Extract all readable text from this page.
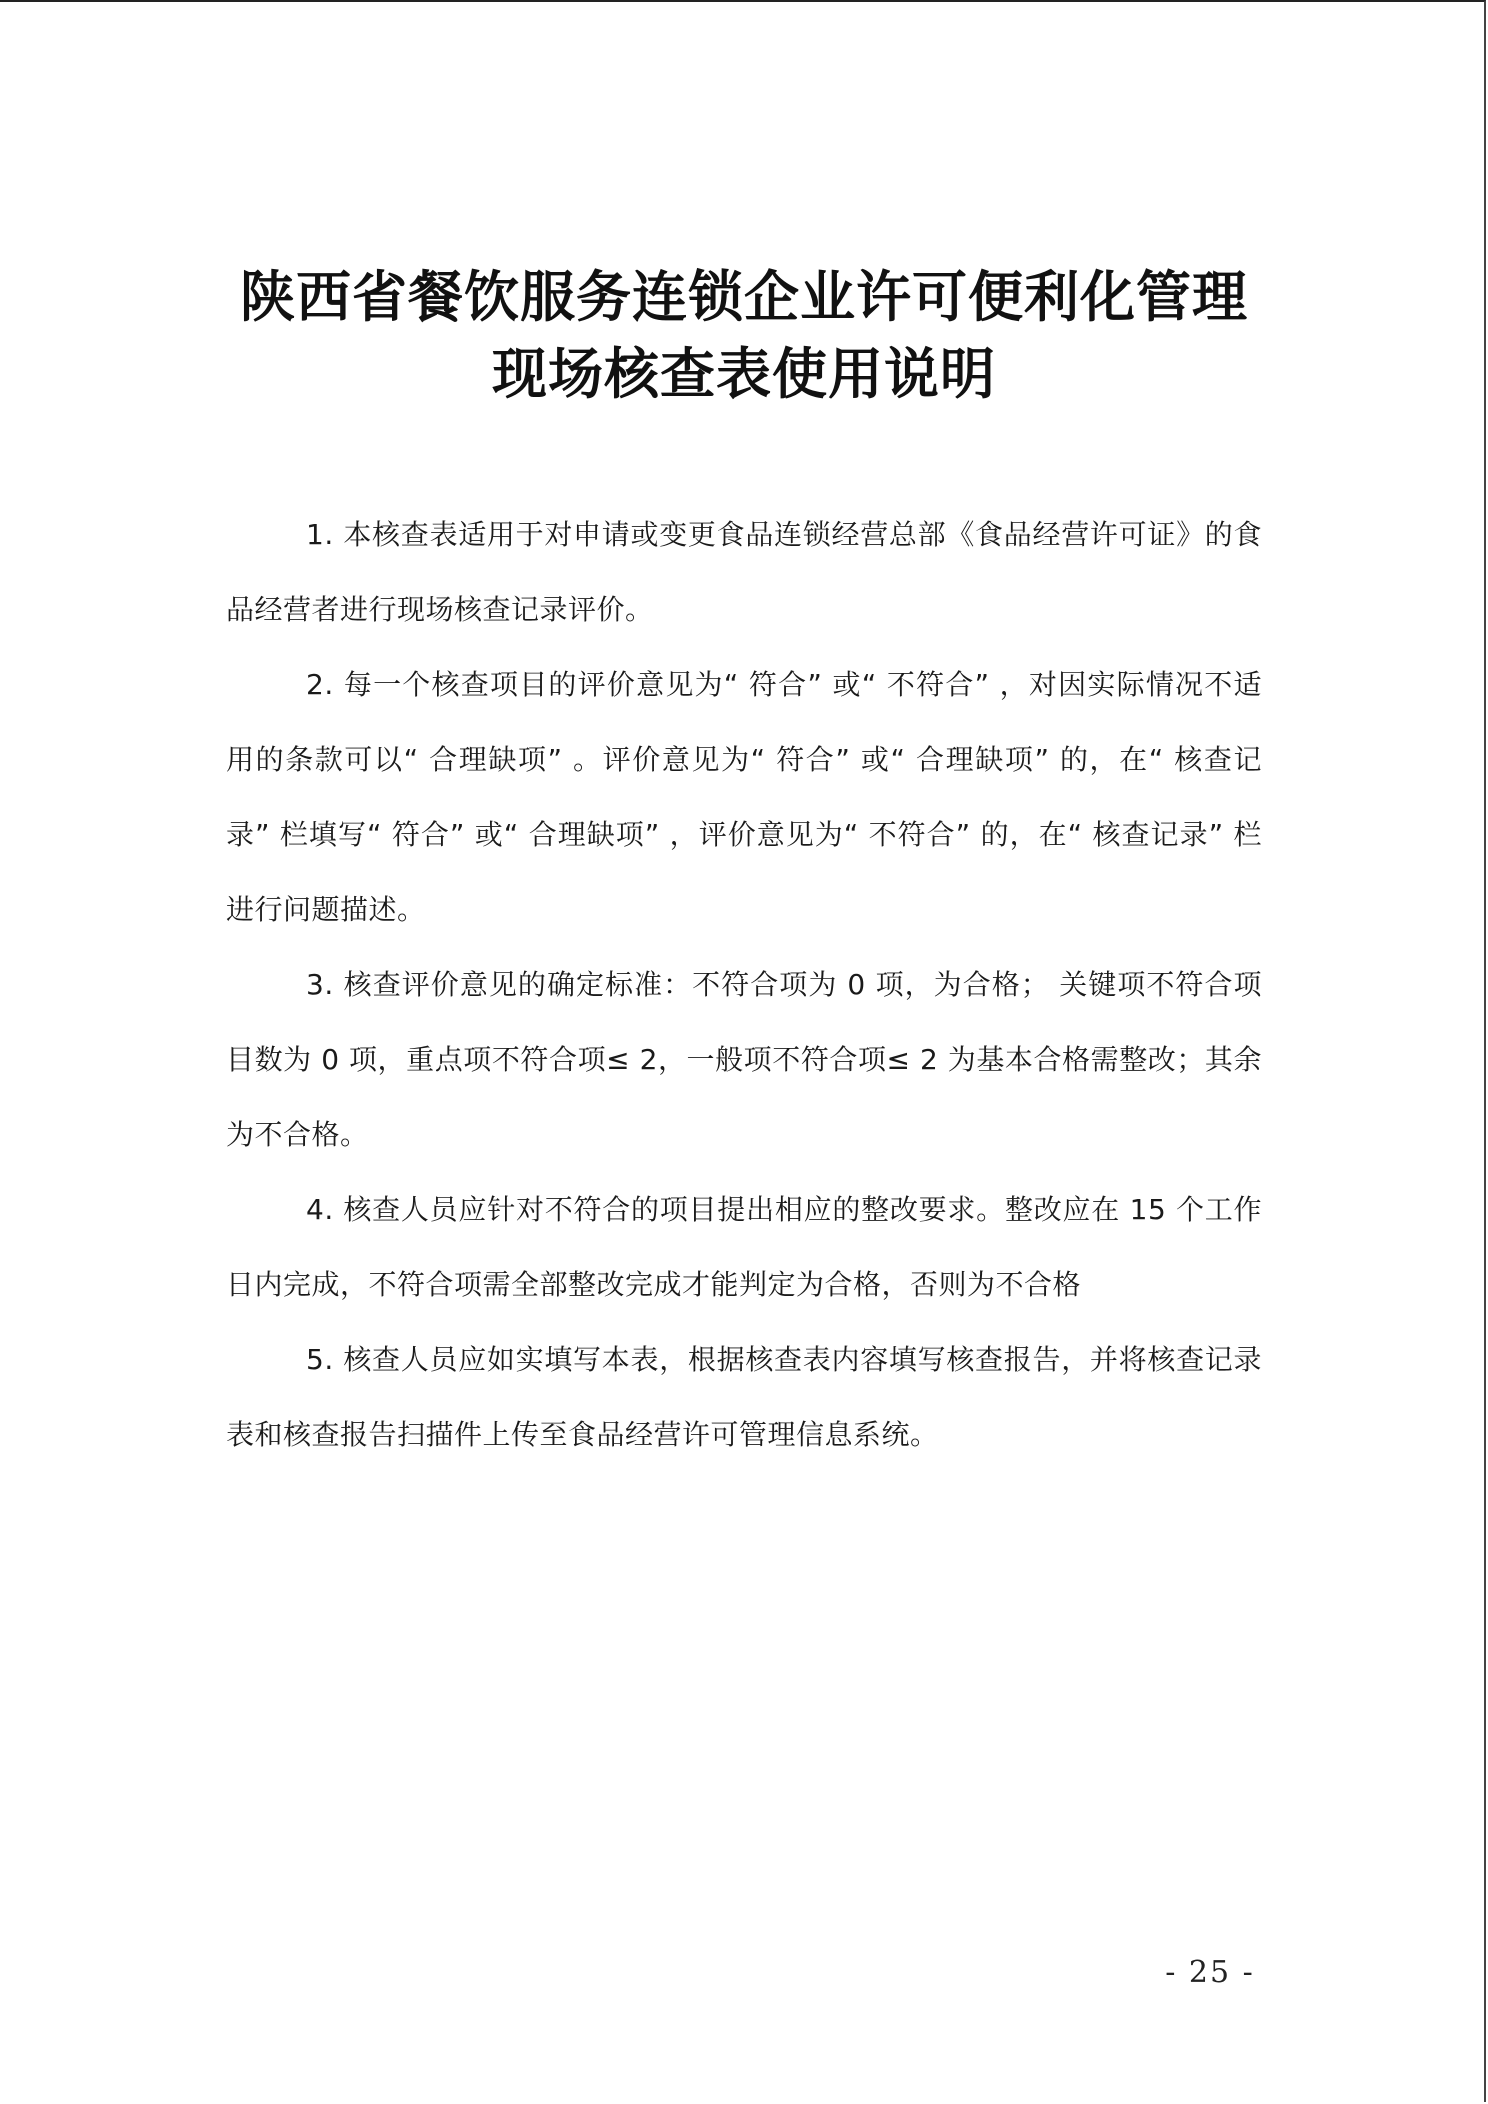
陕西省餐饮服务连锁企业许可便利化管理
现场核查表使用说明

1. 本核查表适用于对申请或变更食品连锁经营总部《食品经营许可证》的食品经营者进行现场核查记录评价。

2. 每一个核查项目的评价意见为“ 符合” 或“ 不符合” ，对因实际情况不适用的条款可以“ 合理缺项” 。评价意见为“ 符合” 或“ 合理缺项” 的，在“ 核查记录” 栏填写“ 符合” 或“ 合理缺项” ，评价意见为“ 不符合” 的，在“ 核查记录” 栏进行问题描述。

3. 核查评价意见的确定标准：不符合项为 0 项，为合格； 关键项不符合项目数为 0 项，重点项不符合项≤ 2，一般项不符合项≤ 2 为基本合格需整改；其余为不合格。

4. 核查人员应针对不符合的项目提出相应的整改要求。整改应在 15 个工作日内完成，不符合项需全部整改完成才能判定为合格，否则为不合格

5. 核查人员应如实填写本表，根据核查表内容填写核查报告，并将核查记录表和核查报告扫描件上传至食品经营许可管理信息系统。

- 25 -
